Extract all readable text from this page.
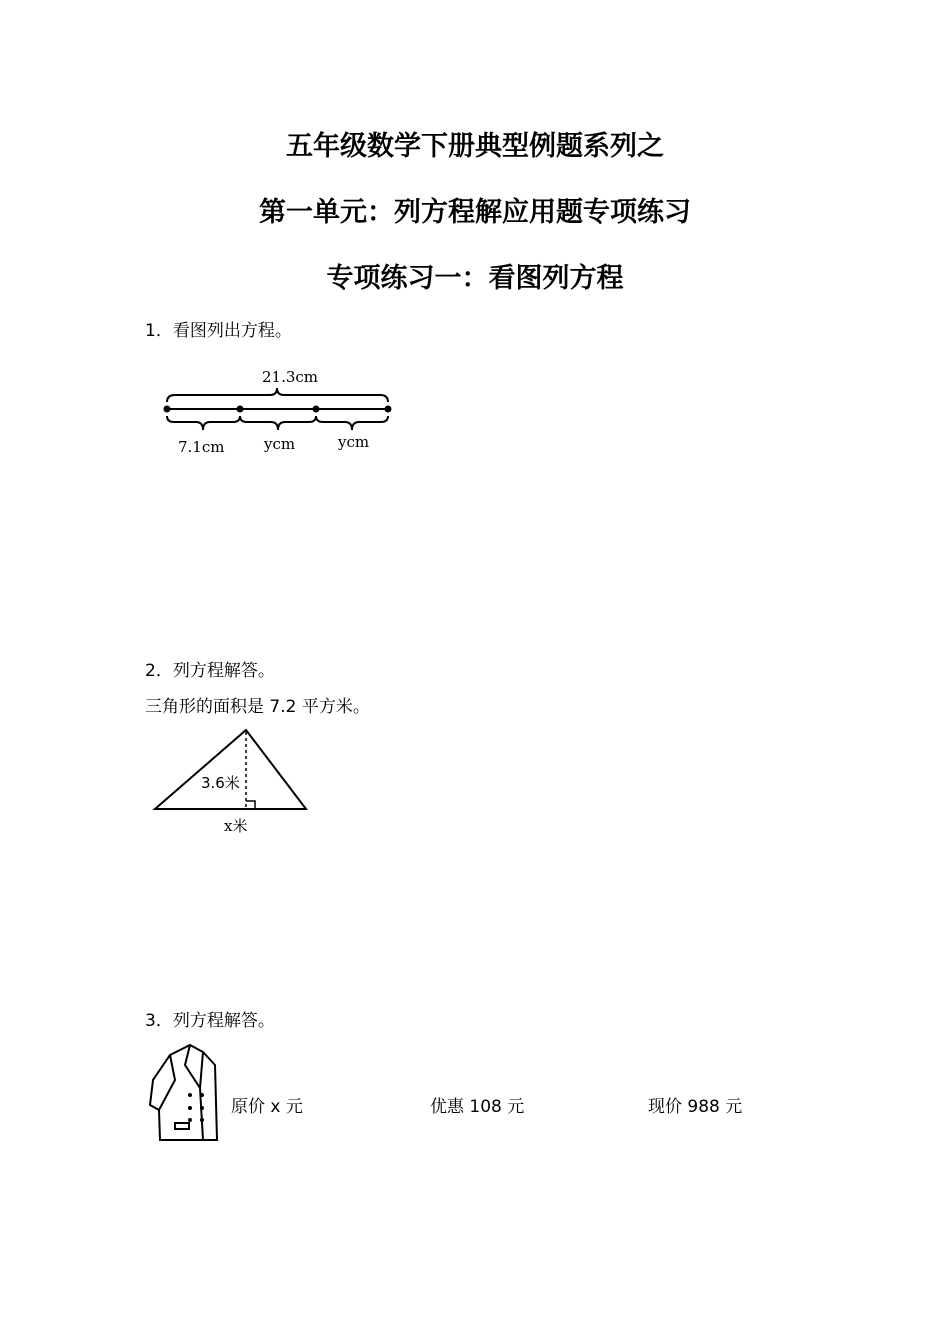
五年级数学下册典型例题系列之
第一单元：列方程解应用题专项练习
专项练习一：看图列方程
1．看图列出方程。
21.3cm
7.1cm	ycm	ycm
2．列方程解答。
三角形的面积是 7.2 平方米。
3.6米
x米
3．列方程解答。
原价 x 元	优惠 108 元	现价 988 元
